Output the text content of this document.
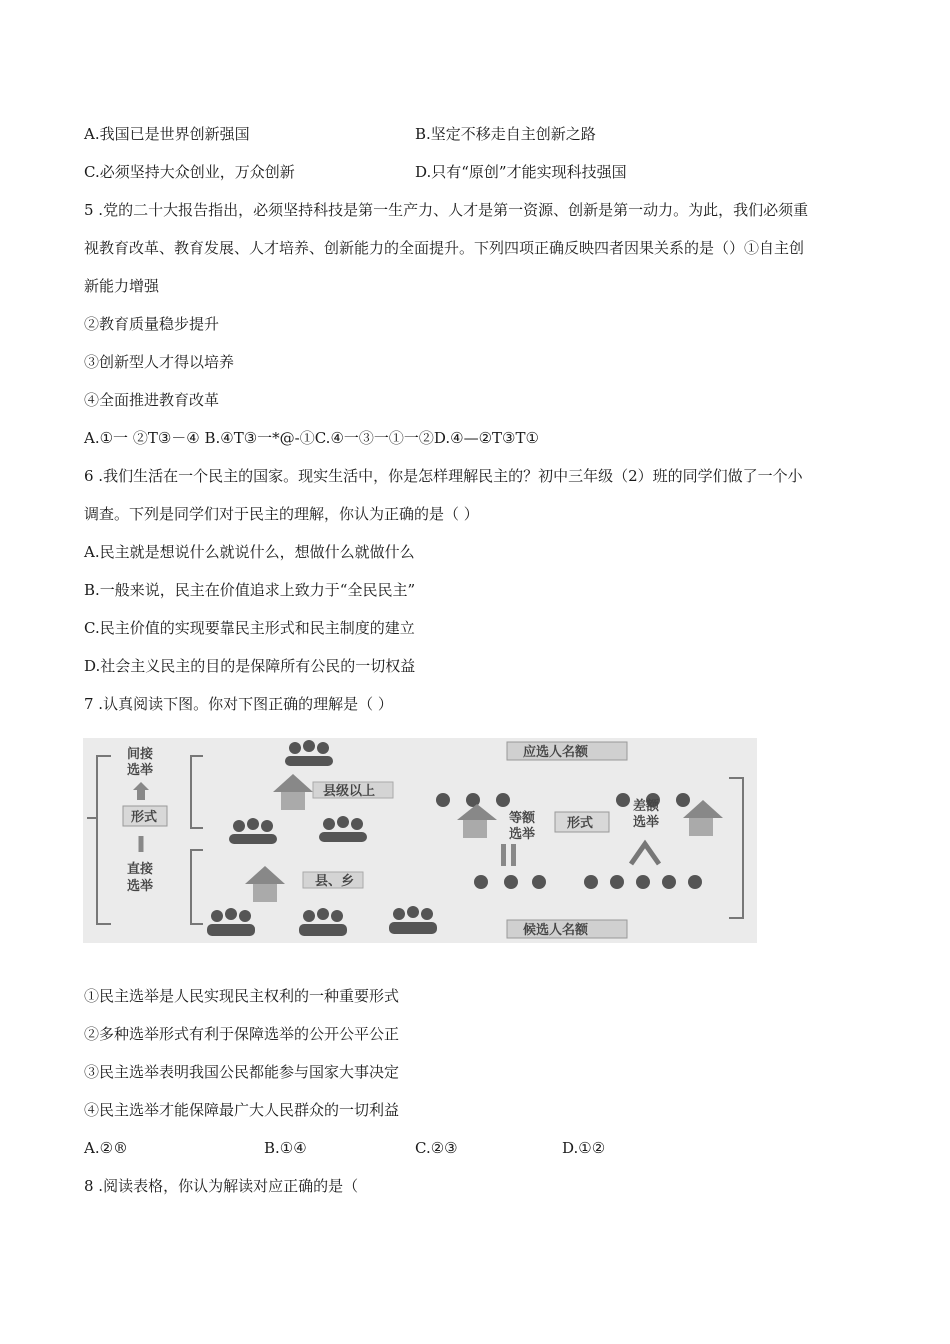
A.我国已是世界创新强国	B.坚定不移走自主创新之路
C.必须坚持大众创业，万众创新	D.只有“原创”才能实现科技强国
5 .党的二十大报告指出，必须坚持科技是第一生产力、人才是第一资源、创新是第一动力。为此，我们必须重
视教育改革、教育发展、人才培养、创新能力的全面提升。下列四项正确反映四者因果关系的是（）①自主创
新能力增强
②教育质量稳步提升
③创新型人才得以培养
④全面推进教育改革
A.①一 ②T③－④ B.④T③一*@-①C.④一③一①一②D.④—②T③T①
6 .我们生活在一个民主的国家。现实生活中，你是怎样理解民主的？初中三年级（2）班的同学们做了一个小
调查。下列是同学们对于民主的理解，你认为正确的是（ ）
A.民主就是想说什么就说什么，想做什么就做什么
B.一般来说，民主在价值追求上致力于“全民民主”
C.民主价值的实现要靠民主形式和民主制度的建立
D.社会主义民主的目的是保障所有公民的一切权益
7 .认真阅读下图。你对下图正确的理解是（ ）
间接
选举
形式
直接
选举
县级以上
县、乡
应选人名额
等额
选举
形式
差额
选举
候选人名额
①民主选举是人民实现民主权利的一种重要形式
②多种选举形式有利于保障选举的公开公平公正
③民主选举表明我国公民都能参与国家大事决定
④民主选举才能保障最广大人民群众的一切利益
A.②®	B.①④	C.②③	D.①②
8 .阅读表格，你认为解读对应正确的是（
